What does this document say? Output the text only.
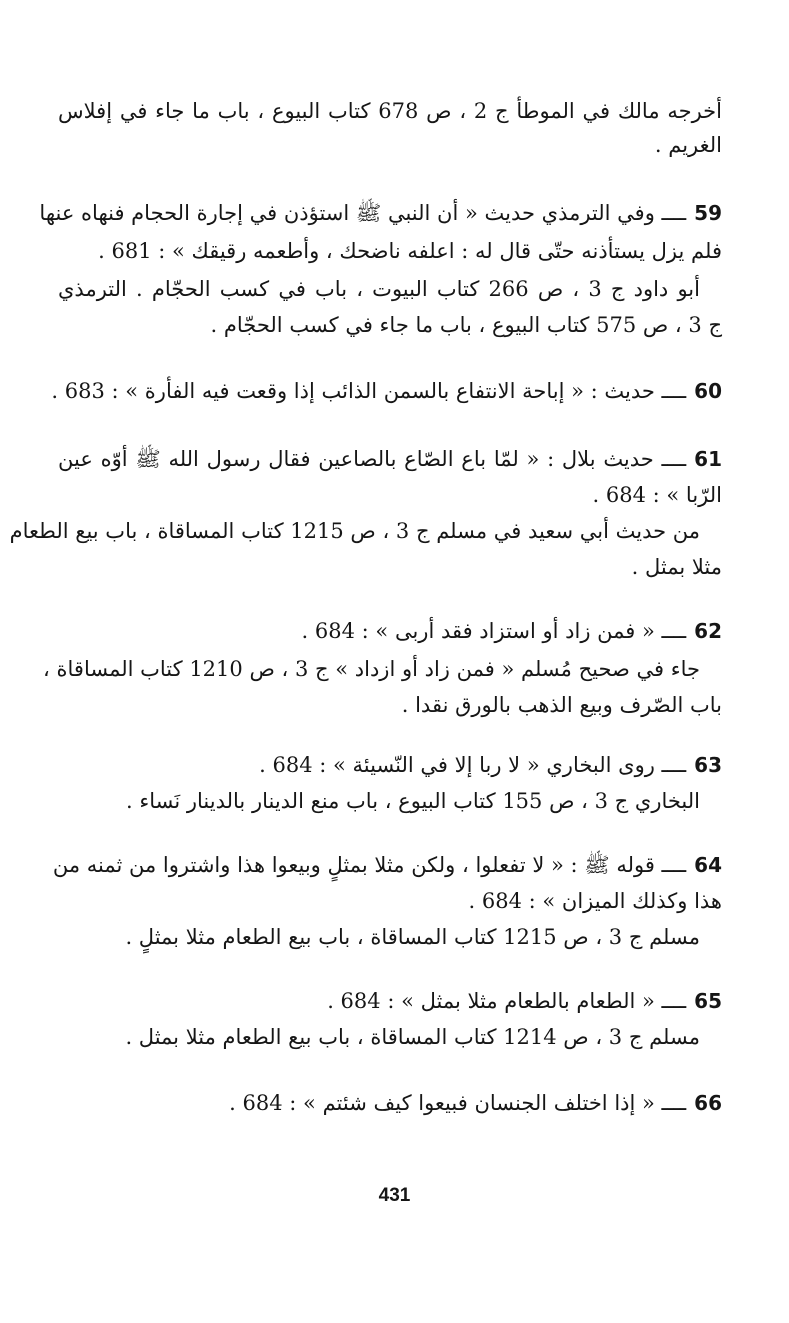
أخرجه مالك في الموطأ ج 2 ، ص 678 كتاب البيوع ، باب ما جاء في إفلاس
الغريم .
59ــــ وفي الترمذي حديث « أن النبي ﷺ استؤذن في إجارة الحجام فنهاه عنها
فلم يزل يستأذنه حتّى قال له : اعلفه ناضحك ، وأطعمه رقيقك » : 681 .
أبو داود ج 3 ، ص 266 كتاب البيوت ، باب في كسب الحجّام . الترمذي
ج 3 ، ص 575 كتاب البيوع ، باب ما جاء في كسب الحجّام .
60ــــ حديث : « إباحة الانتفاع بالسمن الذائب إذا وقعت فيه الفأرة » : 683 .
61ــــ حديث بلال : « لمّا باع الصّاع بالصاعين فقال رسول الله ﷺ أوّه عين
الرّبا » : 684 .
من حديث أبي سعيد في مسلم ج 3 ، ص 1215 كتاب المساقاة ، باب بيع الطعام
مثلا بمثل .
62ــــ « فمن زاد أو استزاد فقد أربى » : 684 .
جاء في صحيح مُسلم « فمن زاد أو ازداد » ج 3 ، ص 1210 كتاب المساقاة ،
باب الصّرف وبيع الذهب بالورق نقدا .
63ــــ روى البخاري « لا ربا إلا في النّسيئة » : 684 .
البخاري ج 3 ، ص 155 كتاب البيوع ، باب منع الدينار بالدينار نَساء .
64ــــ قوله ﷺ : « لا تفعلوا ، ولكن مثلا بمثلٍ وبيعوا هذا واشتروا من ثمنه من
هذا وكذلك الميزان » : 684 .
مسلم ج 3 ، ص 1215 كتاب المساقاة ، باب بيع الطعام مثلا بمثلٍ .
65ــــ « الطعام بالطعام مثلا بمثل » : 684 .
مسلم ج 3 ، ص 1214 كتاب المساقاة ، باب بيع الطعام مثلا بمثل .
66ــــ « إذا اختلف الجنسان فبيعوا كيف شئتم » : 684 .
431
